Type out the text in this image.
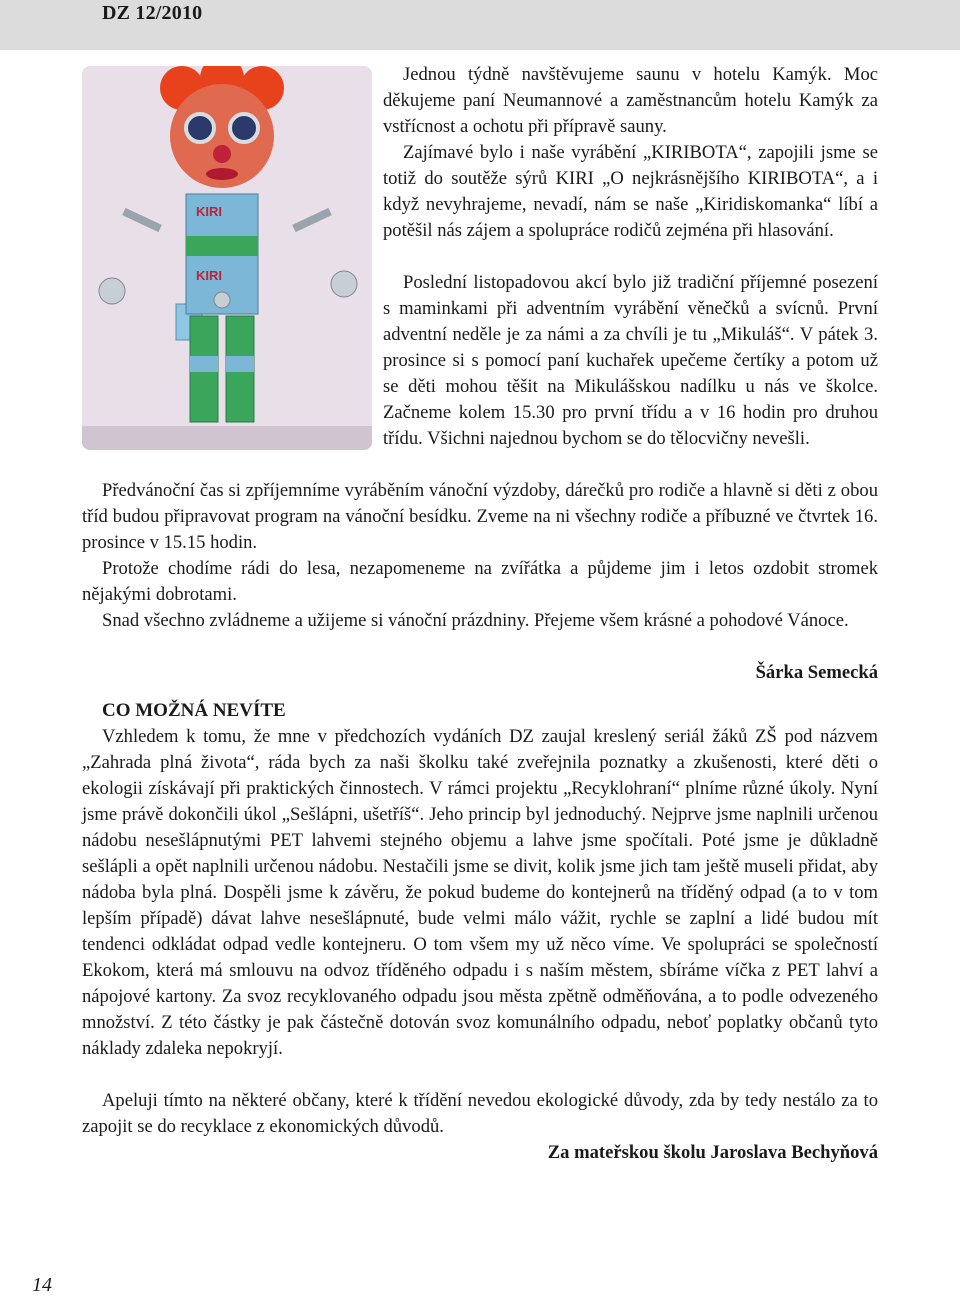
DZ 12/2010
KIRI
KIRI

Jednou týdně navštěvujeme saunu v hotelu Kamýk. Moc děkujeme paní Neumannové a zaměstnancům hotelu Kamýk za vstřícnost a ochotu při přípravě sauny.

Zajímavé bylo i naše vyrábění „KIRIBOTA“, zapojili jsme se totiž do soutěže sýrů KIRI „O nejkrásnějšího KIRIBOTA“, a i když nevyhrajeme, nevadí, nám se naše „Kiridiskomanka“ líbí a potěšil nás zájem a spolupráce rodičů zejména při hlasování.

Poslední listopadovou akcí bylo již tradiční příjemné posezení s maminkami při adventním vyrábění věnečků a svícnů. První adventní neděle je za námi a za chvíli je tu „Mikuláš“. V pátek 3. prosince si s pomocí paní kuchařek upečeme čertíky a potom už se děti mohou těšit na Mikulášskou nadílku u nás ve školce. Začneme kolem 15.30 pro první třídu a v 16 hodin pro druhou třídu. Všichni najednou bychom se do tělocvičny nevešli.

Předvánoční čas si zpříjemníme vyráběním vánoční výzdoby, dárečků pro rodiče a hlavně si děti z obou tříd budou připravovat program na vánoční besídku. Zveme na ni všechny rodiče a příbuzné ve čtvrtek 16. prosince v 15.15 hodin.

Protože chodíme rádi do lesa, nezapomeneme na zvířátka a půjdeme jim i letos ozdobit stromek nějakými dobrotami.

Snad všechno zvládneme a užijeme si vánoční prázdniny. Přejeme všem krásné a pohodové Vánoce.

Šárka Semecká

CO MOŽNÁ NEVÍTE

Vzhledem k tomu, že mne v předchozích vydáních DZ zaujal kreslený seriál žáků ZŠ pod názvem „Zahrada plná života“, ráda bych za naši školku také zveřejnila poznatky a zkušenosti, které děti o ekologii získávají při praktických činnostech. V rámci projektu „Recyklohraní“ plníme různé úkoly. Nyní jsme právě dokončili úkol „Sešlápni, ušetříš“. Jeho princip byl jednoduchý. Nejprve jsme naplnili určenou nádobu nesešlápnutými PET lahvemi stejného objemu a lahve jsme spočítali. Poté jsme je důkladně sešlápli a opět naplnili určenou nádobu. Nestačili jsme se divit, kolik jsme jich tam ještě museli přidat, aby nádoba byla plná. Dospěli jsme k závěru, že pokud budeme do kontejnerů na tříděný odpad (a to v tom lepším případě) dávat lahve nesešlápnuté, bude velmi málo vážit, rychle se zaplní a lidé budou mít tendenci odkládat odpad vedle kontejneru. O tom všem my už něco víme. Ve spolupráci se společností Ekokom, která má smlouvu na odvoz tříděného odpadu i s naším městem, sbíráme víčka z PET lahví a nápojové kartony. Za svoz recyklovaného odpadu jsou města zpětně odměňována, a to podle odvezeného množství. Z této částky je pak částečně dotován svoz komunálního odpadu, neboť poplatky občanů tyto náklady zdaleka nepokryjí.

Apeluji tímto na některé občany, které k třídění nevedou ekologické důvody, zda by tedy nestálo za to zapojit se do recyklace z ekonomických důvodů.

Za mateřskou školu Jaroslava Bechyňová

14
